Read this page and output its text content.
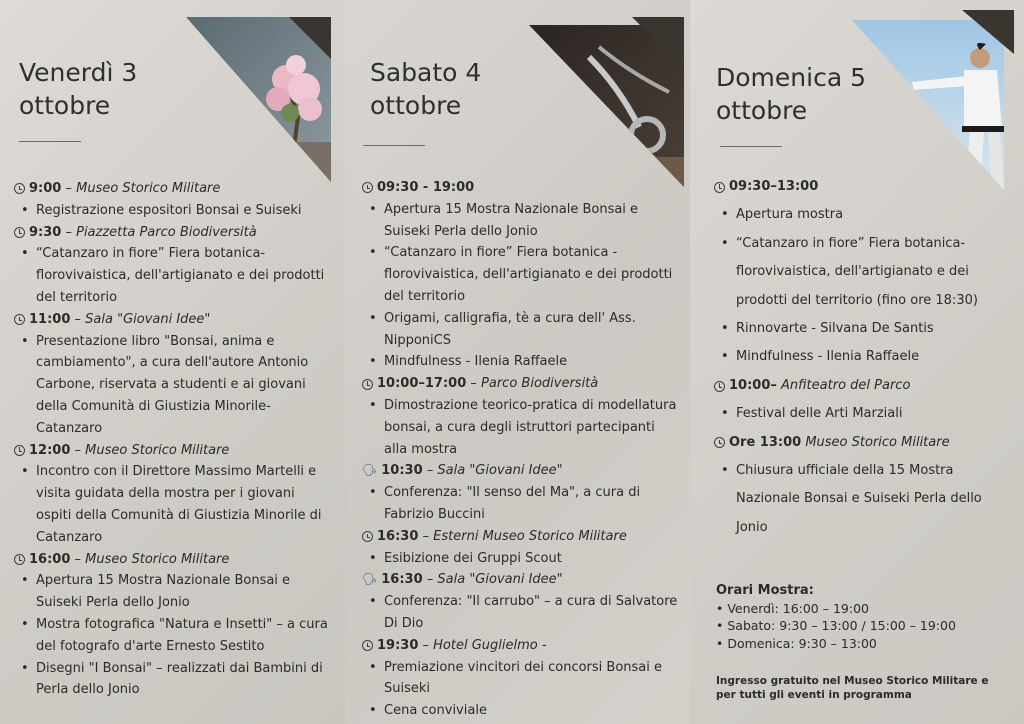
Venerdì 3 ottobre
Sabato 4 ottobre
Domenica 5 ottobre
9:00 – Museo Storico Militare
• Registrazione espositori Bonsai e Suiseki
9:30 – Piazzetta Parco Biodiversità
• “Catanzaro in fiore” Fiera botanica-florovivaistica, dell'artigianato e dei prodotti del territorio
11:00 – Sala "Giovani Idee"
• Presentazione libro "Bonsai, anima e cambiamento", a cura dell'autore Antonio Carbone, riservata a studenti e ai giovani della Comunità di Giustizia Minorile-Catanzaro
12:00 – Museo Storico Militare
• Incontro con il Direttore Massimo Martelli e visita guidata della mostra per i giovani ospiti della Comunità di Giustizia Minorile di Catanzaro
16:00 – Museo Storico Militare
• Apertura 15 Mostra Nazionale Bonsai e Suiseki Perla dello Jonio
• Mostra fotografica "Natura e Insetti" – a cura del fotografo d'arte Ernesto Sestito
• Disegni "I Bonsai" – realizzati dai Bambini di Perla dello Jonio
09:30 - 19:00
• Apertura 15 Mostra Nazionale Bonsai e Suiseki Perla dello Jonio
• “Catanzaro in fiore” Fiera botanica -florovivaistica, dell'artigianato e dei prodotti del territorio
• Origami, calligrafia, tè a cura dell' Ass. NipponiCS
• Mindfulness - Ilenia Raffaele
10:00–17:00 – Parco Biodiversità
• Dimostrazione teorico-pratica di modellatura bonsai, a cura degli istruttori partecipanti alla mostra
🗣 10:30 – Sala "Giovani Idee"
• Conferenza: "Il senso del Ma", a cura di Fabrizio Buccini
16:30 – Esterni Museo Storico Militare
• Esibizione dei Gruppi Scout
🗣 16:30 – Sala "Giovani Idee"
• Conferenza: "Il carrubo" – a cura di Salvatore Di Dio
19:30 – Hotel Guglielmo -
• Premiazione vincitori dei concorsi Bonsai e Suiseki
• Cena conviviale
09:30–13:00
• Apertura mostra
• “Catanzaro in fiore” Fiera botanica-florovivaistica, dell'artigianato e dei prodotti del territorio (fino ore 18:30)
• Rinnovarte - Silvana De Santis
• Mindfulness - Ilenia Raffaele
10:00–
Anfiteatro del Parco
• Festival delle Arti Marziali
Ore 13:00
Museo Storico Militare
• Chiusura ufficiale della 15 Mostra Nazionale Bonsai e Suiseki Perla dello Jonio
Orari Mostra:
• Venerdì: 16:00 – 19:00
• Sabato: 9:30 – 13:00 / 15:00 – 19:00
• Domenica: 9:30 – 13:00
Ingresso gratuito nel Museo Storico Militare e per tutti gli eventi in programma
